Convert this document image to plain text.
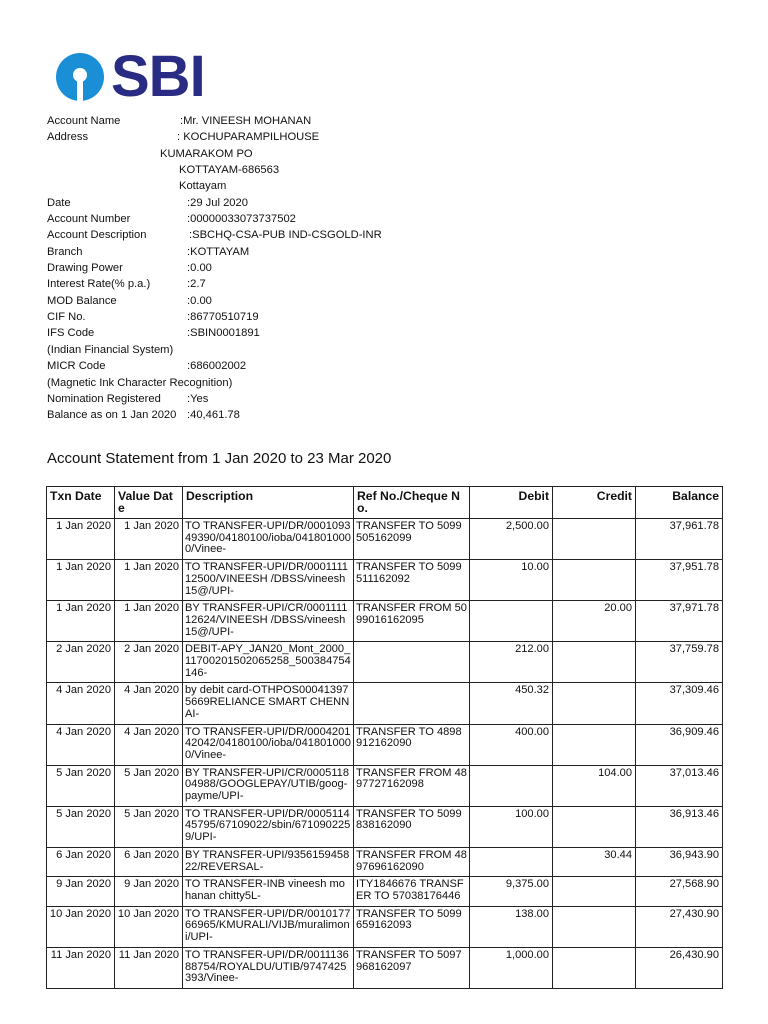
SBI
Account Name	:Mr. VINEESH MOHANAN
Address	: KOCHUPARAMPILHOUSE
KUMARAKOM PO
KOTTAYAM-686563
Kottayam
Date	:29 Jul 2020
Account Number	:00000033073737502
Account Description	:SBCHQ-CSA-PUB IND-CSGOLD-INR
Branch	:KOTTAYAM
Drawing Power	:0.00
Interest Rate(% p.a.)	:2.7
MOD Balance	:0.00
CIF No.	:86770510719
IFS Code	:SBIN0001891
(Indian Financial System)
MICR Code	:686002002
(Magnetic Ink Character Recognition)
Nomination Registered :Yes
Balance as on 1 Jan 2020 :40,461.78
Account Statement from 1 Jan 2020 to 23 Mar 2020
Txn Date	Value Date	Description	Ref No./Cheque No.	Debit	Credit	Balance
1 Jan 2020	1 Jan 2020	TO TRANSFER-UPI/DR/000109349390/04180100/ioba/0418010000/Vinee-	TRANSFER TO 5099505162099	2,500.00		37,961.78
1 Jan 2020	1 Jan 2020	TO TRANSFER-UPI/DR/000111112500/VINEESH /DBSS/vineesh15@/UPI-	TRANSFER TO 5099511162092	10.00		37,951.78
1 Jan 2020	1 Jan 2020	BY TRANSFER-UPI/CR/000111112624/VINEESH /DBSS/vineesh15@/UPI-	TRANSFER FROM 5099016162095		20.00	37,971.78
2 Jan 2020	2 Jan 2020	DEBIT-APY_JAN20_Mont_2000_11700201502065258_500384754146-		212.00		37,759.78
4 Jan 2020	4 Jan 2020	by debit card-OTHPOS000413975669RELIANCE SMART CHENNAI-		450.32		37,309.46
4 Jan 2020	4 Jan 2020	TO TRANSFER-UPI/DR/000420142042/04180100/ioba/0418010000/Vinee-	TRANSFER TO 4898912162090	400.00		36,909.46
5 Jan 2020	5 Jan 2020	BY TRANSFER-UPI/CR/000511804988/GOOGLEPAY/UTIB/goog-payme/UPI-	TRANSFER FROM 4897727162098		104.00	37,013.46
5 Jan 2020	5 Jan 2020	TO TRANSFER-UPI/DR/000511445795/67109022/sbin/6710902259/UPI-	TRANSFER TO 5099838162090	100.00		36,913.46
6 Jan 2020	6 Jan 2020	BY TRANSFER-UPI/935615945822/REVERSAL-	TRANSFER FROM 4897696162090		30.44	36,943.90
9 Jan 2020	9 Jan 2020	TO TRANSFER-INB vineesh mohanan chitty5L-	ITY1846676 TRANSFER TO 57038176446	9,375.00		27,568.90
10 Jan 2020	10 Jan 2020	TO TRANSFER-UPI/DR/001017766965/KMURALI/VIJB/muralimoni/UPI-	TRANSFER TO 5099659162093	138.00		27,430.90
11 Jan 2020	11 Jan 2020	TO TRANSFER-UPI/DR/001113688754/ROYALDU/UTIB/9747425393/Vinee-	TRANSFER TO 5097968162097	1,000.00		26,430.90
